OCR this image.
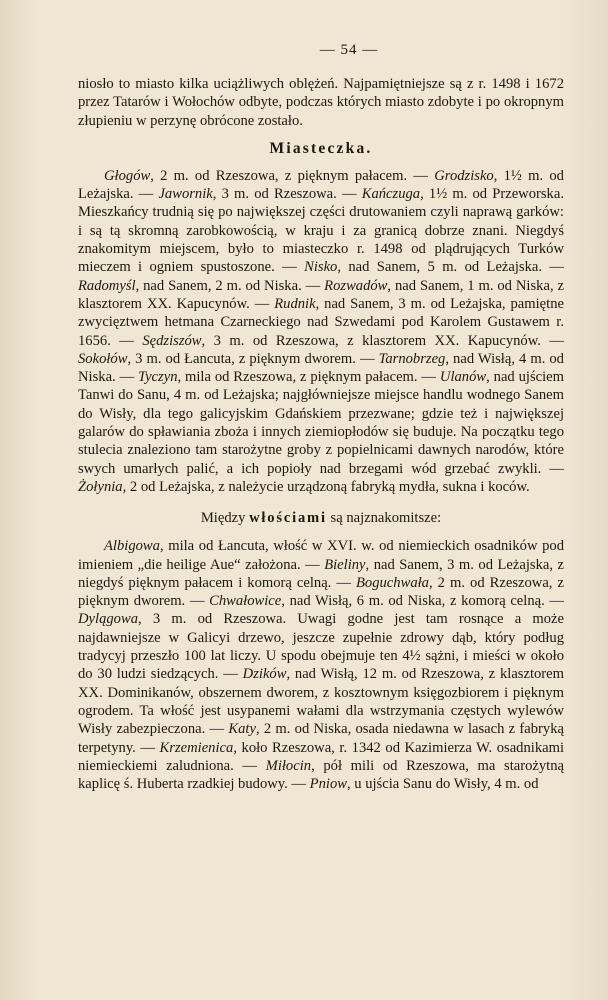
— 54 —

niosło to miasto kilka uciążliwych oblężeń. Najpamiętniejsze są z r. 1498 i 1672 przez Tatarów i Wołochów odbyte, podczas których miasto zdobyte i po okropnym złupieniu w perzynę obrócone zostało.

Miasteczka.

Głogów, 2 m. od Rzeszowa, z pięknym pałacem. — Grodzisko, 1½ m. od Leżajska. — Jawornik, 3 m. od Rzeszowa. — Kańczuga, 1½ m. od Przeworska. Mieszkańcy trudnią się po największej części drutowaniem czyli naprawą garków: i są tą skromną zarobkowością, w kraju i za granicą dobrze znani. Niegdyś znakomitym miejscem, było to miasteczko r. 1498 od plądrujących Turków mieczem i ogniem spustoszone. — Nisko, nad Sanem, 5 m. od Leżajska. — Radomyśl, nad Sanem, 2 m. od Niska. — Rozwadów, nad Sanem, 1 m. od Niska, z klasztorem XX. Kapucynów. — Rudnik, nad Sanem, 3 m. od Leżajska, pamiętne zwycięztwem hetmana Czarneckiego nad Szwedami pod Karolem Gustawem r. 1656. — Sędziszów, 3 m. od Rzeszowa, z klasztorem XX. Kapucynów. — Sokołów, 3 m. od Łancuta, z pięknym dworem. — Tarnobrzeg, nad Wisłą, 4 m. od Niska. — Tyczyn, mila od Rzeszowa, z pięknym pałacem. — Ulanów, nad ujściem Tanwi do Sanu, 4 m. od Leżajska; najgłówniejsze miejsce handlu wodnego Sanem do Wisły, dla tego galicyjskim Gdańskiem przezwane; gdzie też i największej galarów do spławiania zboża i innych ziemiopłodów się buduje. Na początku tego stulecia znaleziono tam starożytne groby z popielnicami dawnych narodów, które swych umarłych palić, a ich popioły nad brzegami wód grzebać zwykli. — Żołynia, 2 od Leżajska, z należycie urządzoną fabryką mydła, sukna i koców.

Między włościami są najznakomitsze:

Albigowa, mila od Łancuta, włość w XVI. w. od niemieckich osadników pod imieniem „die heilige Aue“ założona. — Bieliny, nad Sanem, 3 m. od Leżajska, z niegdyś pięknym pałacem i komorą celną. — Boguchwała, 2 m. od Rzeszowa, z pięknym dworem. — Chwałowice, nad Wisłą, 6 m. od Niska, z komorą celną. — Dylągowa, 3 m. od Rzeszowa. Uwagi godne jest tam rosnące a może najdawniejsze w Galicyi drzewo, jeszcze zupełnie zdrowy dąb, który podług tradycyj przeszło 100 lat liczy. U spodu obejmuje ten 4½ sążni, i mieści w około do 30 ludzi siedzących. — Dzików, nad Wisłą, 12 m. od Rzeszowa, z klasztorem XX. Dominikanów, obszernem dworem, z kosztownym księgozbiorem i pięknym ogrodem. Ta włość jest usypanemi wałami dla wstrzymania częstych wylewów Wisły zabezpieczona. — Katy, 2 m. od Niska, osada niedawna w lasach z fabryką terpetyny. — Krzemienica, koło Rzeszowa, r. 1342 od Kazimierza W. osadnikami niemieckiemi zaludniona. — Miłocin, pół mili od Rzeszowa, ma starożytną kaplicę ś. Huberta rzadkiej budowy. — Pniow, u ujścia Sanu do Wisły, 4 m. od
